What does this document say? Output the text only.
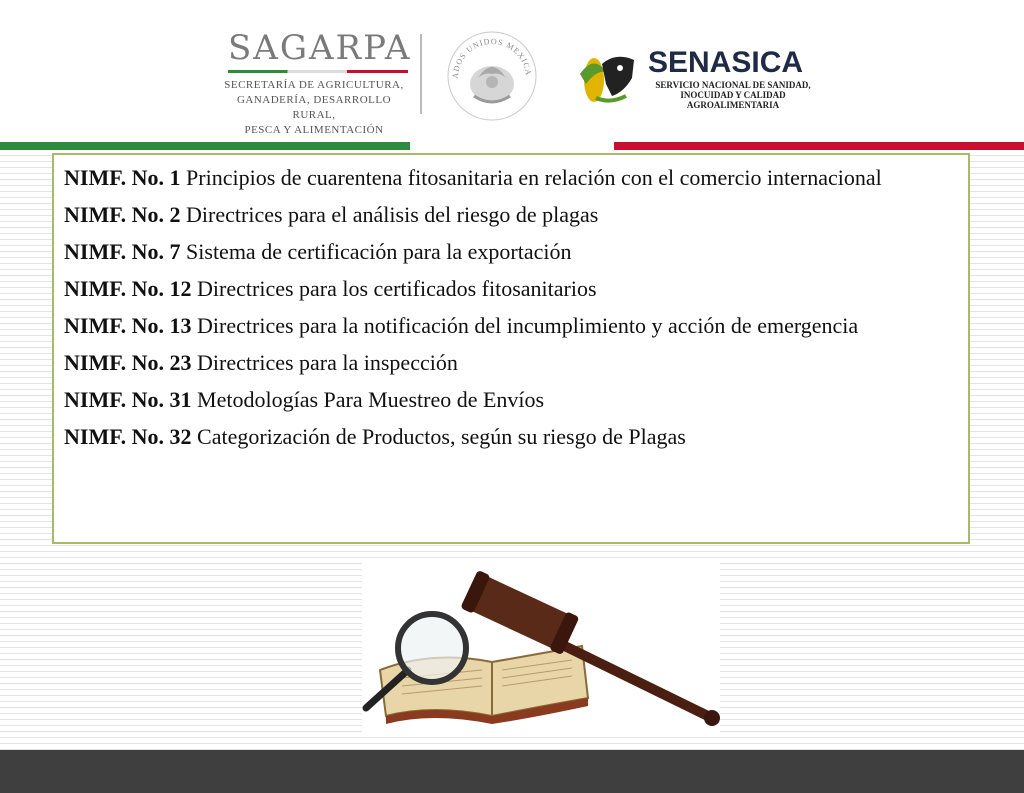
SAGARPA
SECRETARÍA DE AGRICULTURA,
GANADERÍA, DESARROLLO RURAL,
PESCA Y ALIMENTACIÓN
ADOS UNIDOS MEXICA	SENASICA
SERVICIO NACIONAL DE SANIDAD,
INOCUIDAD Y CALIDAD
AGROALIMENTARIA
NIMF. No. 1 Principios de cuarentena fitosanitaria en relación con el comercio internacional
NIMF. No. 2 Directrices para el análisis del riesgo de plagas
NIMF. No. 7 Sistema de certificación para la exportación
NIMF. No. 12 Directrices para los certificados fitosanitarios
NIMF. No. 13 Directrices para la notificación del incumplimiento y acción de emergencia
NIMF. No. 23 Directrices para la inspección
NIMF. No. 31 Metodologías Para Muestreo de Envíos
NIMF. No. 32 Categorización de Productos, según su riesgo de Plagas
